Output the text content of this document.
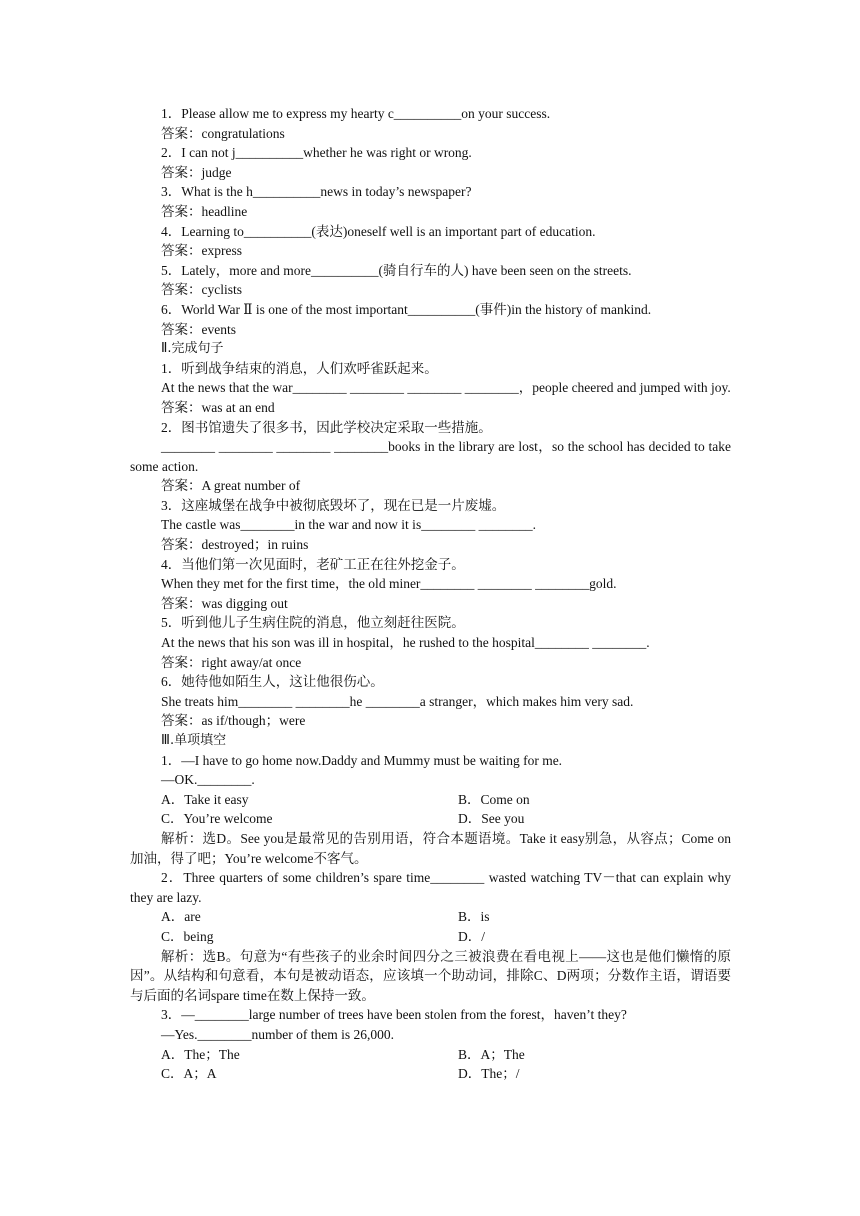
1．Please allow me to express my hearty c__________on your success.

答案：congratulations

2．I can not j__________whether he was right or wrong.

答案：judge

3．What is the h__________news in today’s newspaper?

答案：headline

4．Learning to__________(表达)oneself well is an important part of education.

答案：express

5．Lately，more and more__________(骑自行车的人) have been seen on the streets.

答案：cyclists

6．World War Ⅱ is one of the most important__________(事件)in the history of mankind.

答案：events

Ⅱ.完成句子

1．听到战争结束的消息，人们欢呼雀跃起来。

At the news that the war________ ________ ________ ________，people cheered and jumped with joy.

答案：was at an end

2．图书馆遗失了很多书，因此学校决定采取一些措施。

________ ________ ________ ________books in the library are lost，so the school has decided to take some action.

答案：A great number of

3．这座城堡在战争中被彻底毁坏了，现在已是一片废墟。

The castle was________in the war and now it is________ ________.

答案：destroyed；in ruins

4．当他们第一次见面时，老矿工正在往外挖金子。

When they met for the first time，the old miner________ ________ ________gold.

答案：was digging out

5．听到他儿子生病住院的消息，他立刻赶往医院。

At the news that his son was ill in hospital，he rushed to the hospital________ ________.

答案：right away/at once

6．她待他如陌生人，这让他很伤心。

She treats him________ ________he ________a stranger，which makes him very sad.

答案：as if/though；were

Ⅲ.单项填空

1．—I have to go home now.Daddy and Mummy must be waiting for me.

—OK.________.

A．Take it easy	B．Come on

C．You’re welcome	D．See you

解析：选D。See you是最常见的告别用语，符合本题语境。Take it easy别急，从容点；Come on加油，得了吧；You’re welcome不客气。

2．Three quarters of some children’s spare time________ wasted watching TV－that can explain why they are lazy.

A．are	B．is

C．being	D．/

解析：选B。句意为“有些孩子的业余时间四分之三被浪费在看电视上——这也是他们懒惰的原因”。从结构和句意看，本句是被动语态，应该填一个助动词，排除C、D两项；分数作主语，谓语要与后面的名词spare time在数上保持一致。

3．—________large number of trees have been stolen from the forest，haven’t they?

—Yes.________number of them is 26,000.

A．The；The	B．A；The

C．A；A	D．The；/
